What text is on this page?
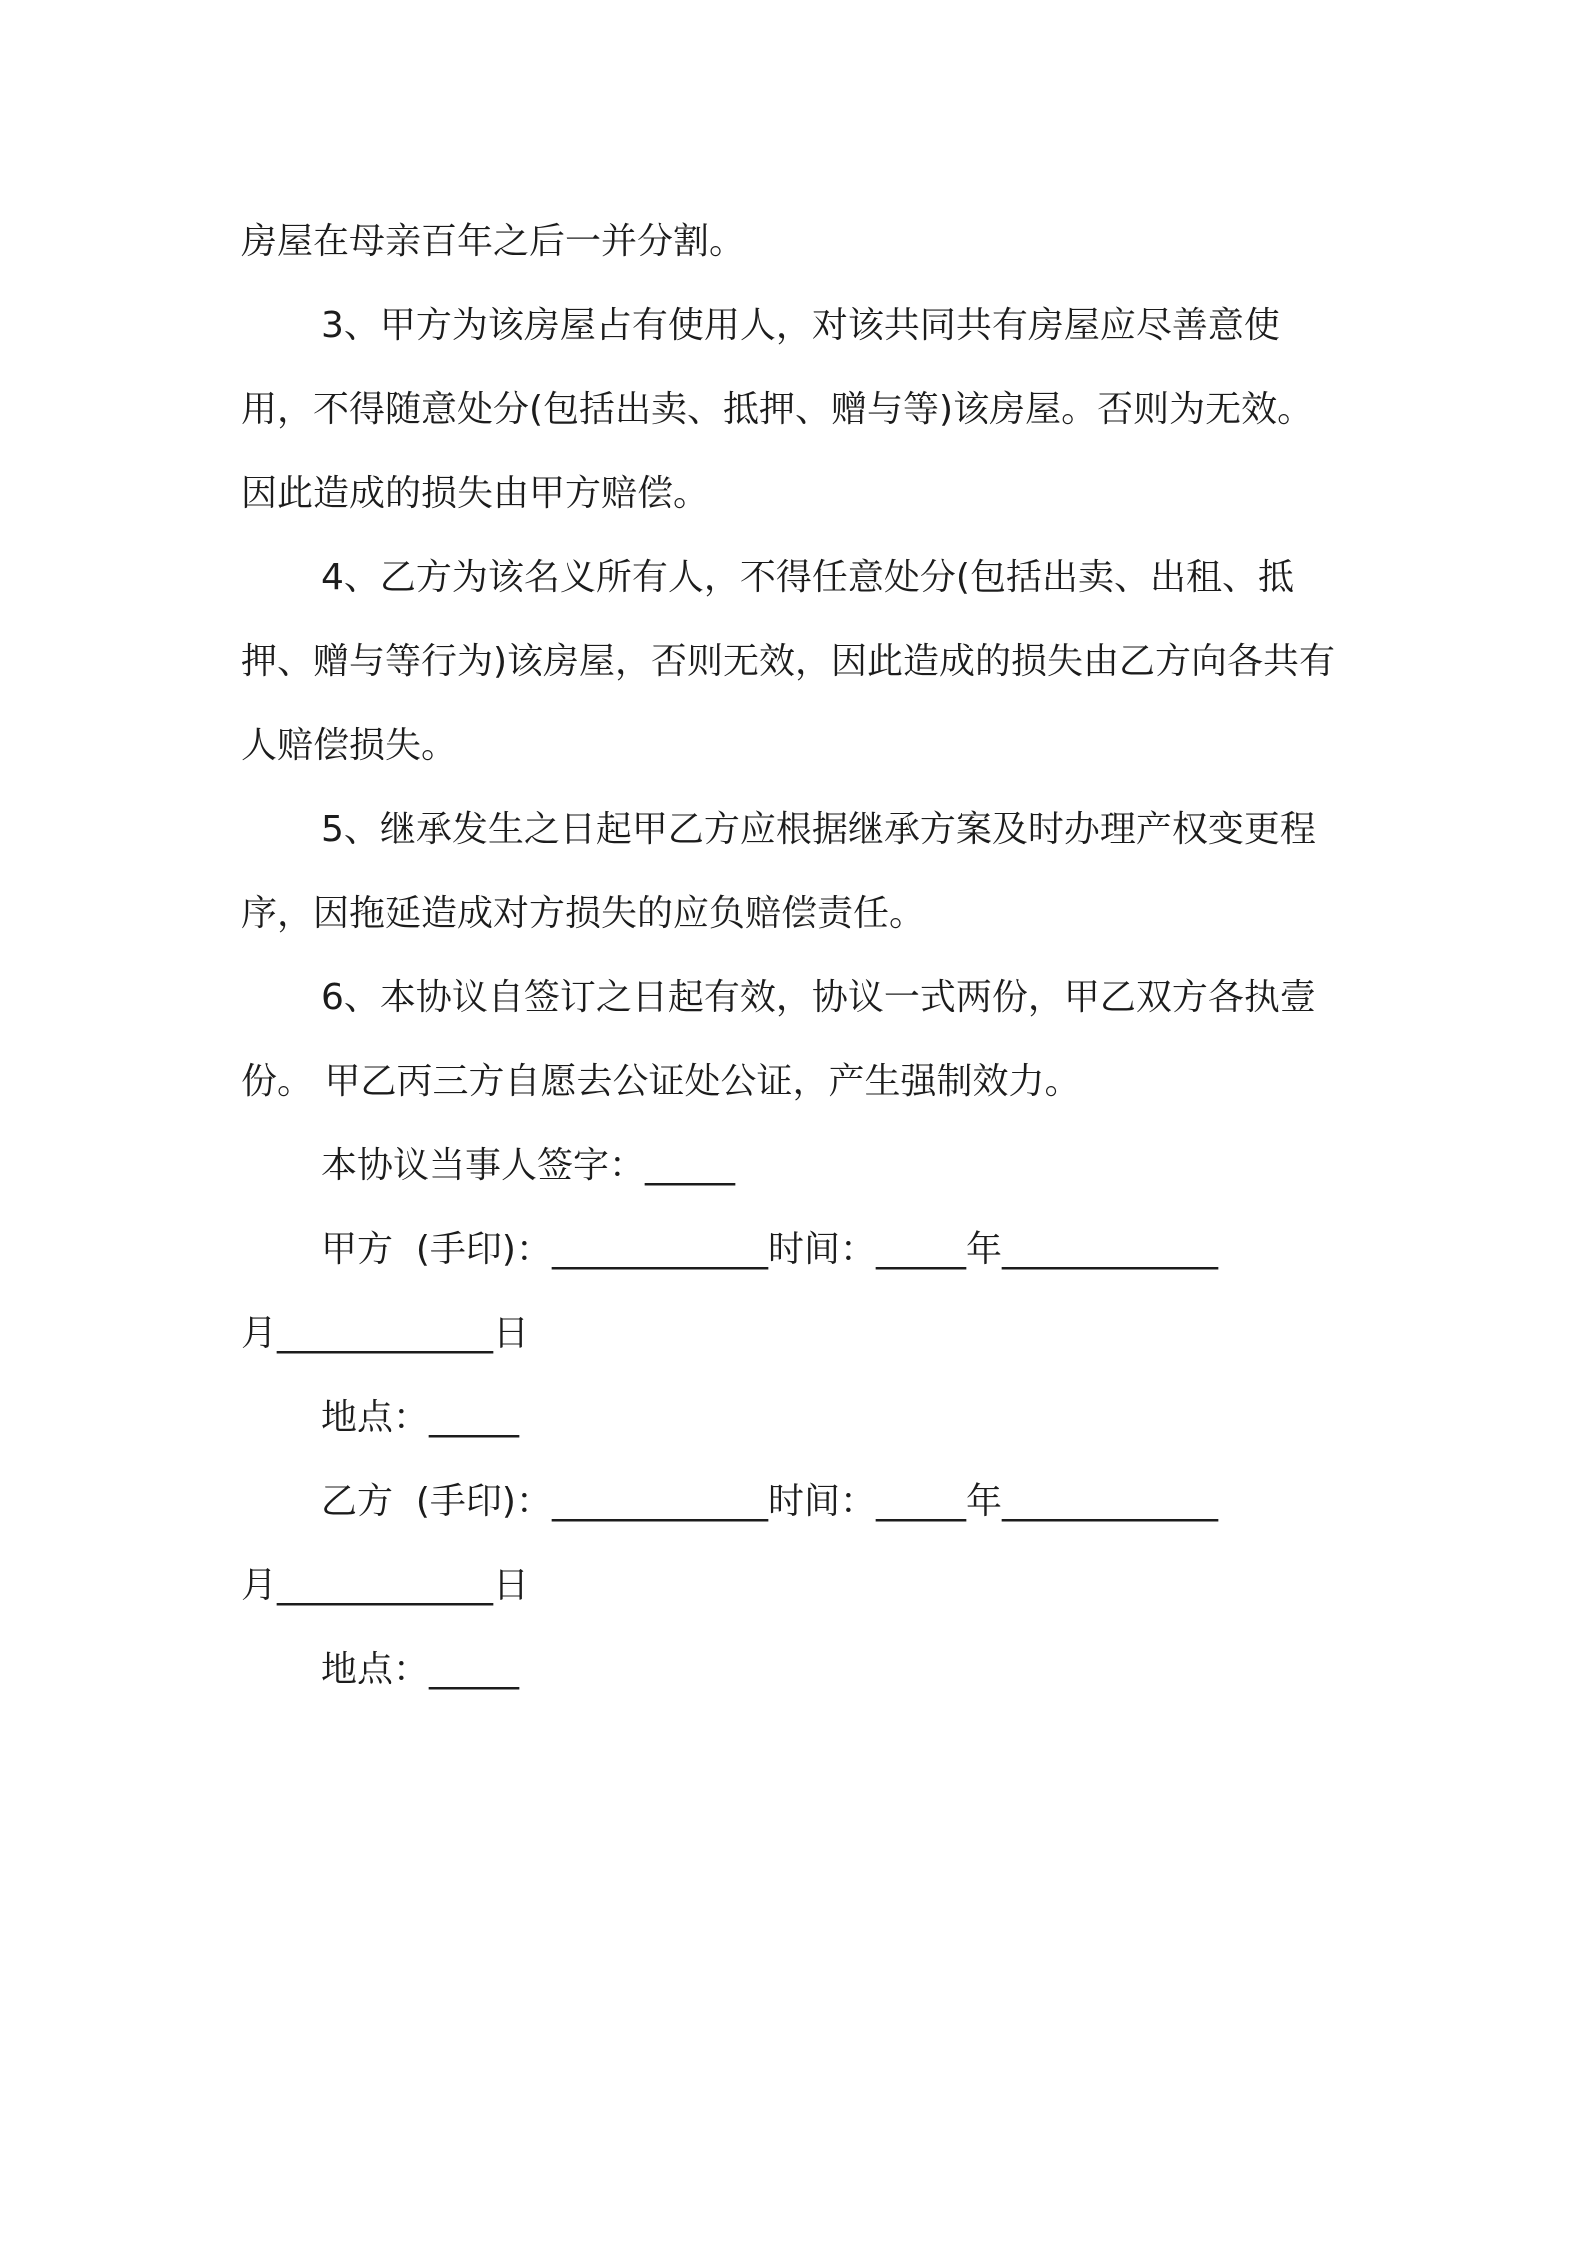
房屋在母亲百年之后一并分割。

3、甲方为该房屋占有使用人，对该共同共有房屋应尽善意使用，不得随意处分(包括出卖、抵押、赠与等)该房屋。否则为无效。因此造成的损失由甲方赔偿。

4、乙方为该名义所有人，不得任意处分(包括出卖、出租、抵押、赠与等行为)该房屋，否则无效，因此造成的损失由乙方向各共有人赔偿损失。

5、继承发生之日起甲乙方应根据继承方案及时办理产权变更程序，因拖延造成对方损失的应负赔偿责任。

6、本协议自签订之日起有效，协议一式两份，甲乙双方各执壹份。 甲乙丙三方自愿去公证处公证，产生强制效力。

本协议当事人签字：_____

甲方  (手印)：____________时间：_____年____________

月____________日

地点：_____

乙方  (手印)：____________时间：_____年____________

月____________日

地点：_____
